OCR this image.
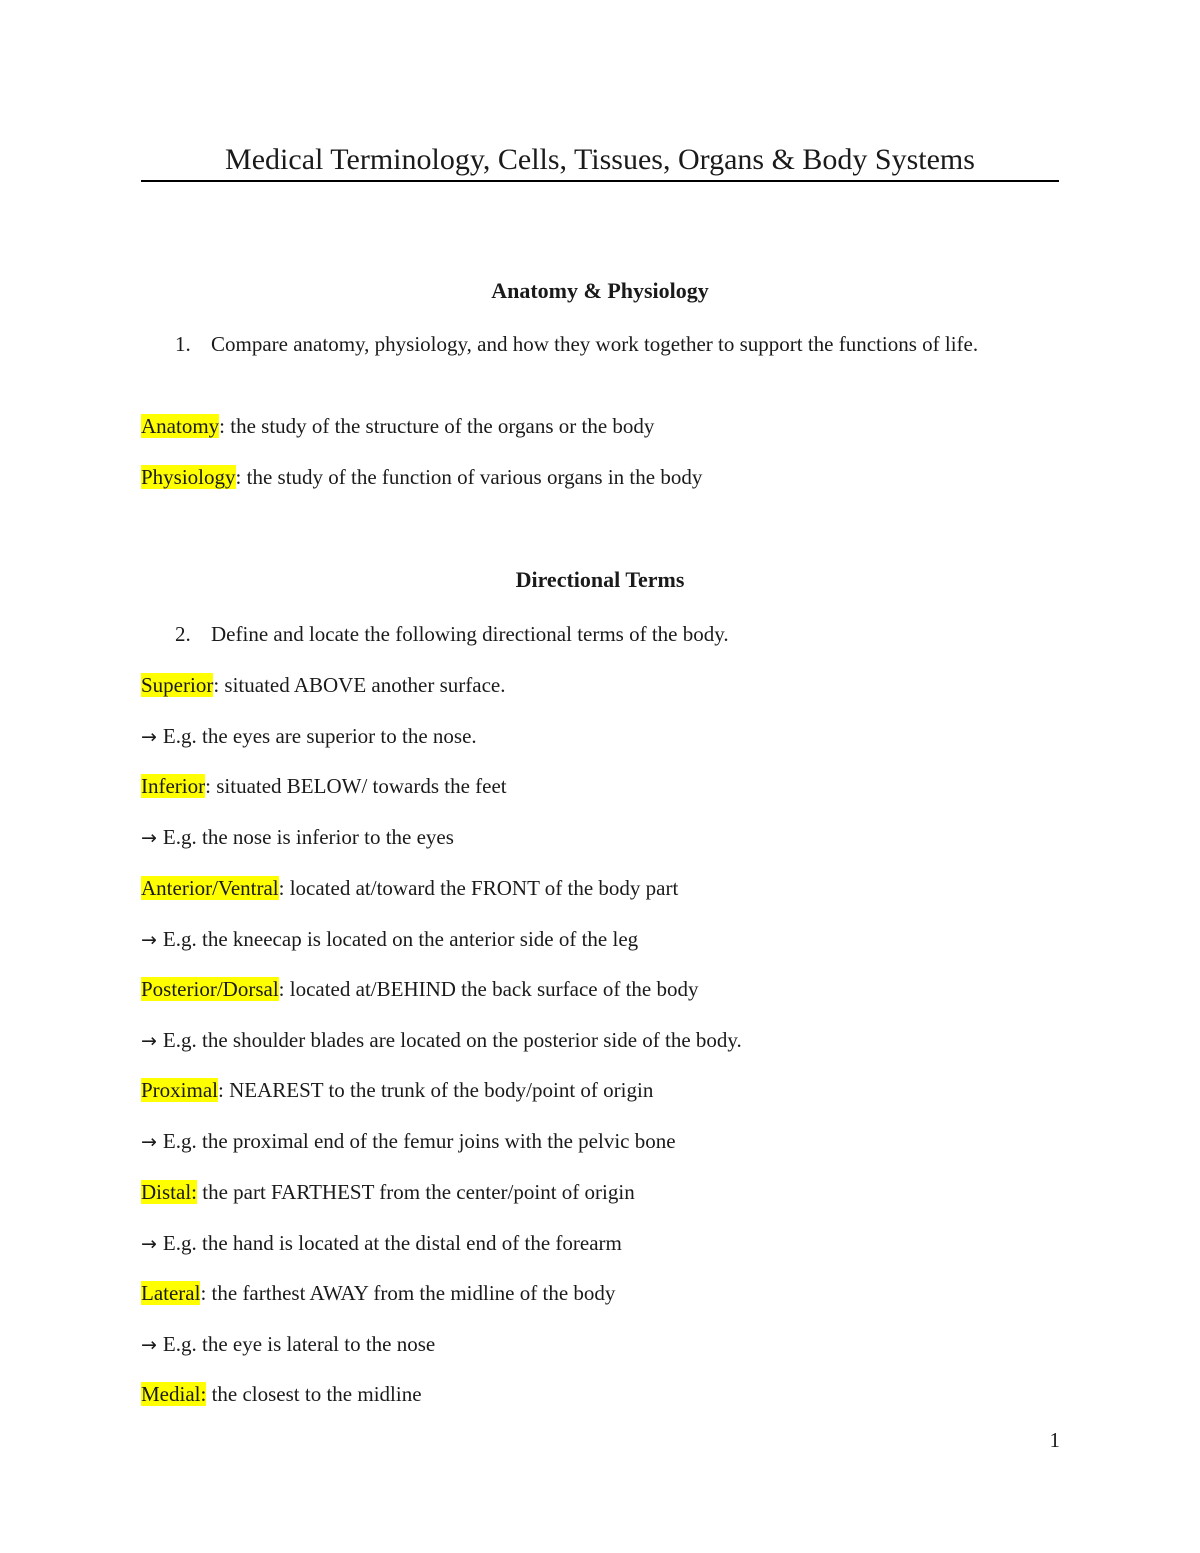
Medical Terminology, Cells, Tissues, Organs & Body Systems
Anatomy & Physiology
1. Compare anatomy, physiology, and how they work together to support the functions of life.
Anatomy: the study of the structure of the organs or the body
Physiology: the study of the function of various organs in the body
Directional Terms
2. Define and locate the following directional terms of the body.
Superior: situated ABOVE another surface.
→ E.g. the eyes are superior to the nose.
Inferior: situated BELOW/ towards the feet
→ E.g. the nose is inferior to the eyes
Anterior/Ventral: located at/toward the FRONT of the body part
→ E.g. the kneecap is located on the anterior side of the leg
Posterior/Dorsal: located at/BEHIND the back surface of the body
→ E.g. the shoulder blades are located on the posterior side of the body.
Proximal: NEAREST to the trunk of the body/point of origin
→ E.g. the proximal end of the femur joins with the pelvic bone
Distal: the part FARTHEST from the center/point of origin
→ E.g. the hand is located at the distal end of the forearm
Lateral: the farthest AWAY from the midline of the body
→ E.g. the eye is lateral to the nose
Medial: the closest to the midline
1
